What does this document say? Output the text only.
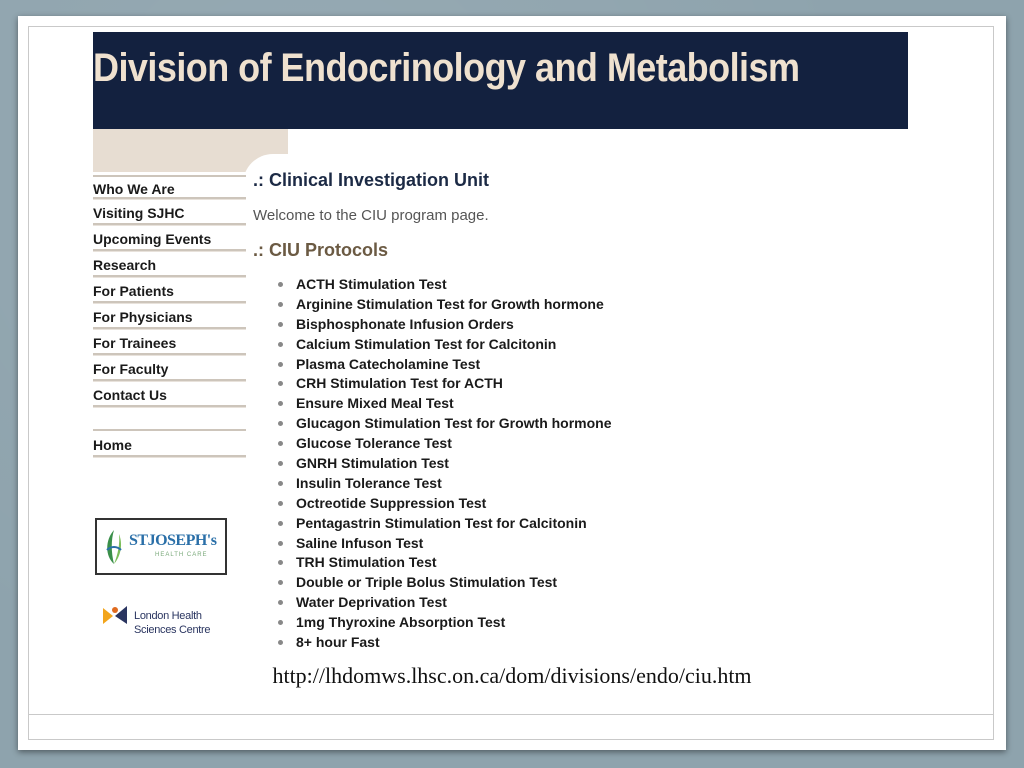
Division of Endocrinology and Metabolism
Who We Are
Visiting SJHC
Upcoming Events
Research
For Patients
For Physicians
For Trainees
For Faculty
Contact Us
Home
.: Clinical Investigation Unit

Welcome to the CIU program page.

.: CIU Protocols
ACTH Stimulation Test
Arginine Stimulation Test for Growth hormone
Bisphosphonate Infusion Orders
Calcium Stimulation Test for Calcitonin
Plasma Catecholamine Test
CRH Stimulation Test for ACTH
Ensure Mixed Meal Test
Glucagon Stimulation Test for Growth hormone
Glucose Tolerance Test
GNRH Stimulation Test
Insulin Tolerance Test
Octreotide Suppression Test
Pentagastrin Stimulation Test for Calcitonin
Saline Infuson Test
TRH Stimulation Test
Double or Triple Bolus Stimulation Test
Water Deprivation Test
1mg Thyroxine Absorption Test
8+ hour Fast
STJOSEPH's
HEALTH CARE
London Health
Sciences Centre
http://lhdomws.lhsc.on.ca/dom/divisions/endo/ciu.htm
